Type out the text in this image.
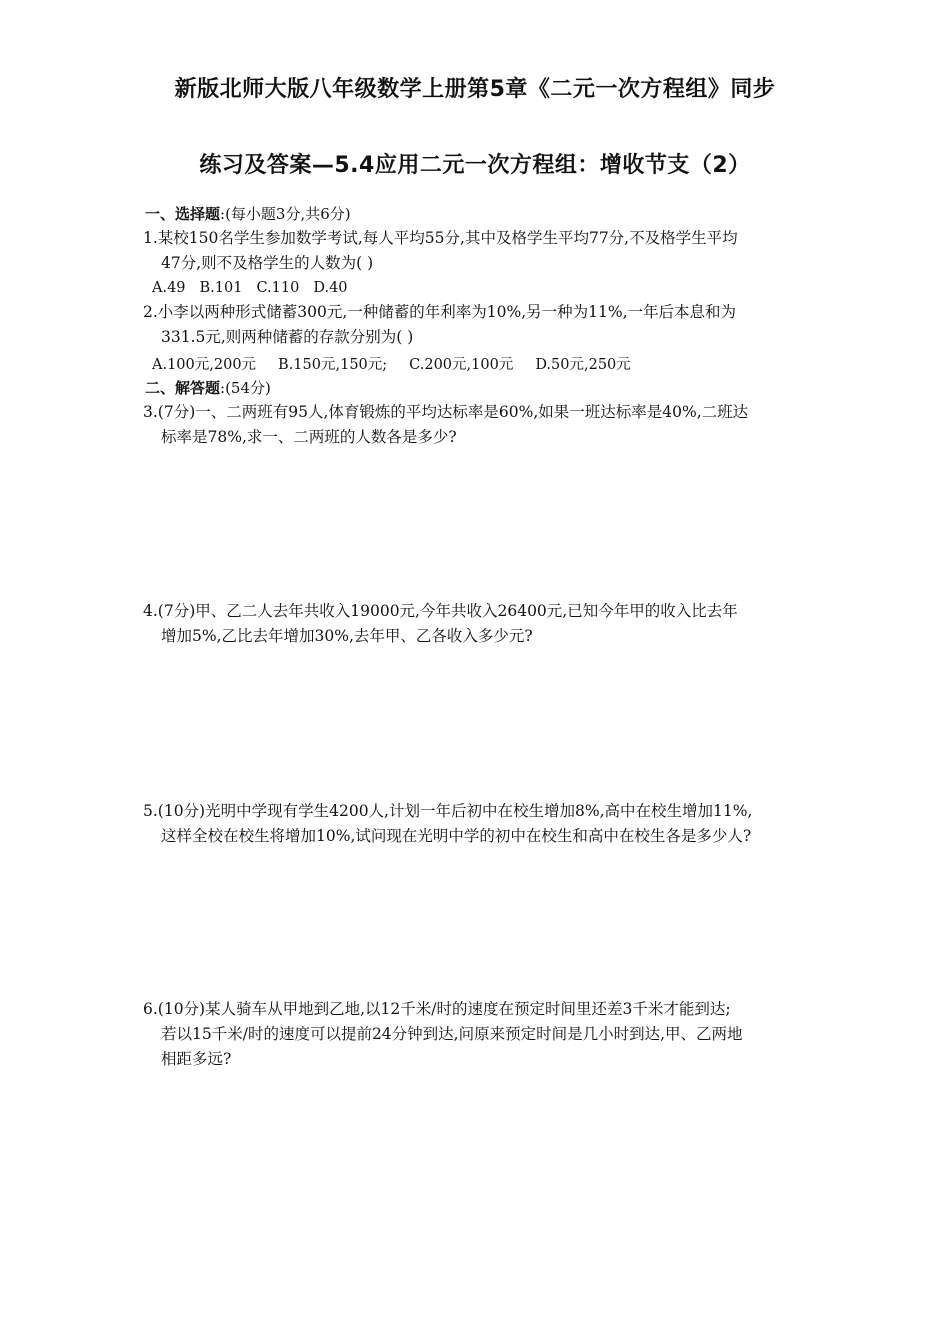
新版北师大版八年级数学上册第5章《二元一次方程组》同步
练习及答案—5.4应用二元一次方程组：增收节支（2）
一、选择题:(每小题3分,共6分)
1.某校150名学生参加数学考试,每人平均55分,其中及格学生平均77分,不及格学生平均
47分,则不及格学生的人数为( )
A.49 B.101 C.110 D.40
2.小李以两种形式储蓄300元,一种储蓄的年利率为10%,另一种为11%,一年后本息和为
331.5元,则两种储蓄的存款分别为( )
A.100元,200元 B.150元,150元; C.200元,100元 D.50元,250元
二、解答题:(54分)
3.(7分)一、二两班有95人,体育锻炼的平均达标率是60%,如果一班达标率是40%,二班达
标率是78%,求一、二两班的人数各是多少?
4.(7分)甲、乙二人去年共收入19000元,今年共收入26400元,已知今年甲的收入比去年
增加5%,乙比去年增加30%,去年甲、乙各收入多少元?
5.(10分)光明中学现有学生4200人,计划一年后初中在校生增加8%,高中在校生增加11%,
这样全校在校生将增加10%,试问现在光明中学的初中在校生和高中在校生各是多少人?
6.(10分)某人骑车从甲地到乙地,以12千米/时的速度在预定时间里还差3千米才能到达;
若以15千米/时的速度可以提前24分钟到达,问原来预定时间是几小时到达,甲、乙两地
相距多远?
